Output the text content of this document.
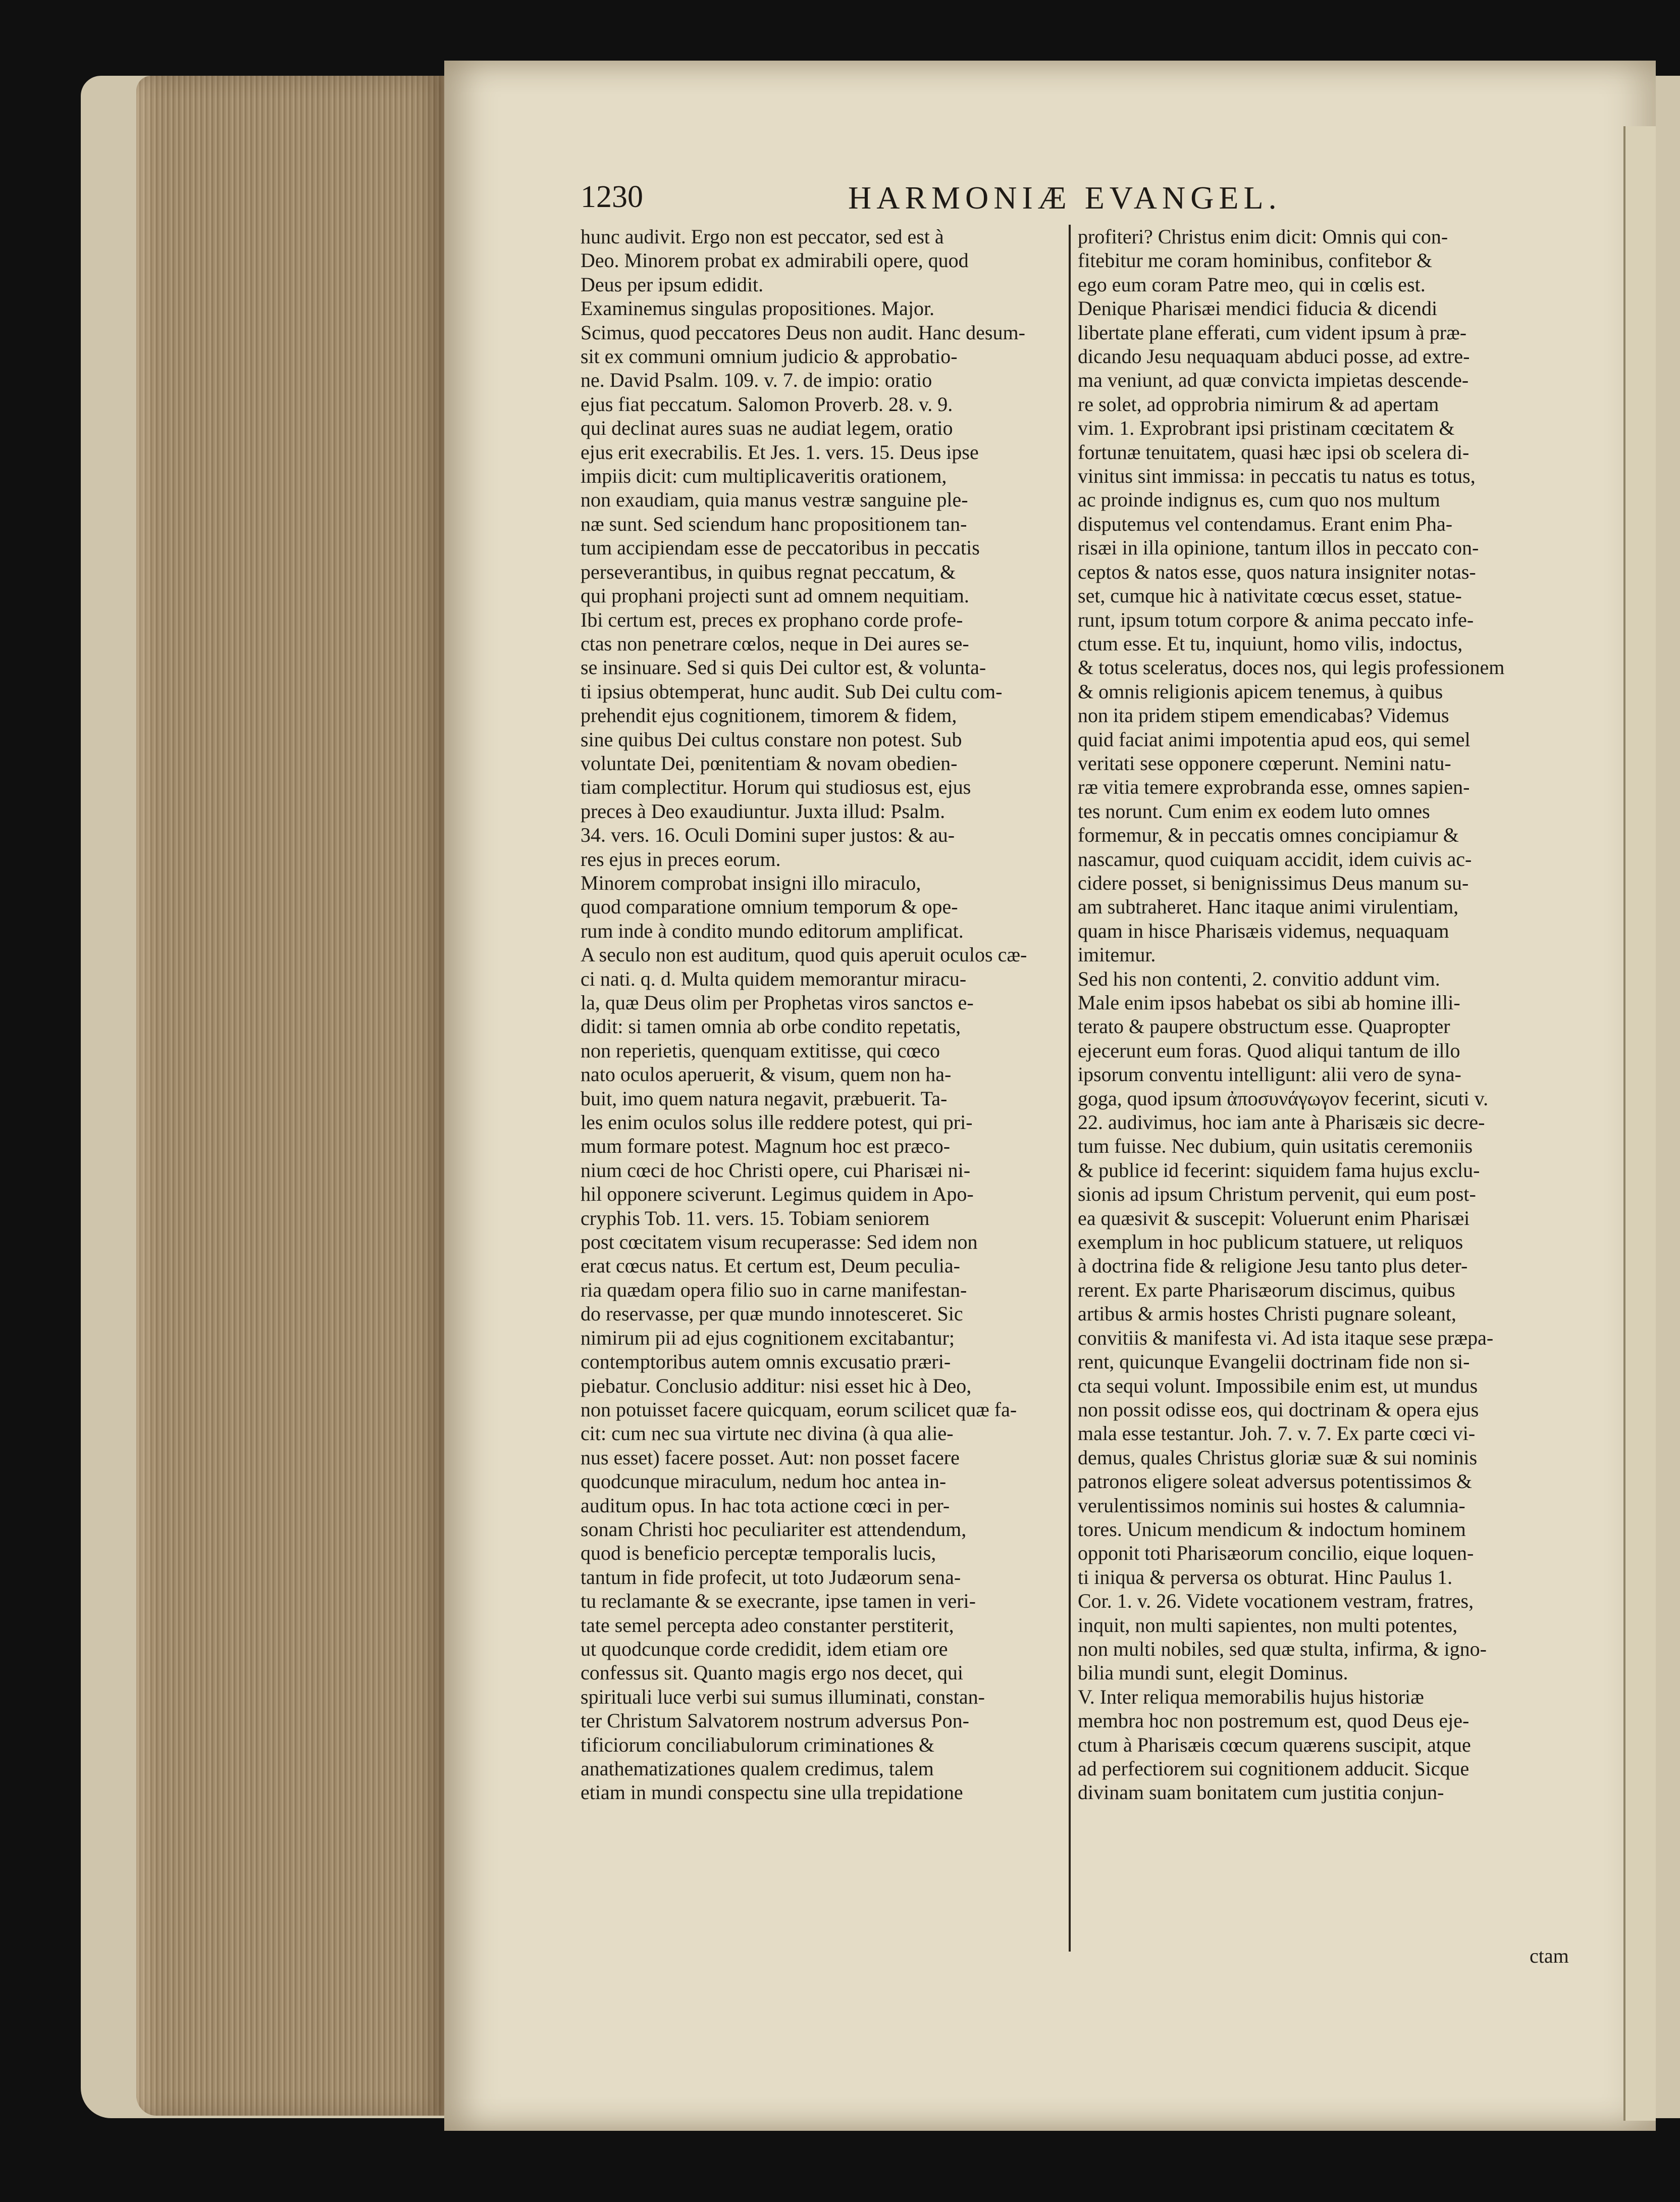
1230	HARMONIÆ EVANGEL.
hunc audivit. Ergo non est peccator, sed est à
Deo. Minorem probat ex admirabili opere, quod
Deus per ipsum edidit.
Examinemus singulas propositiones. Major.
Scimus, quod peccatores Deus non audit. Hanc desum-
sit ex communi omnium judicio & approbatio-
ne. David Psalm. 109. v. 7. de impio: oratio
ejus fiat peccatum. Salomon Proverb. 28. v. 9.
qui declinat aures suas ne audiat legem, oratio
ejus erit execrabilis. Et Jes. 1. vers. 15. Deus ipse
impiis dicit: cum multiplicaveritis orationem,
non exaudiam, quia manus vestræ sanguine ple-
næ sunt. Sed sciendum hanc propositionem tan-
tum accipiendam esse de peccatoribus in peccatis
perseverantibus, in quibus regnat peccatum, &
qui prophani projecti sunt ad omnem nequitiam.
Ibi certum est, preces ex prophano corde profe-
ctas non penetrare cœlos, neque in Dei aures se-
se insinuare. Sed si quis Dei cultor est, & volunta-
ti ipsius obtemperat, hunc audit. Sub Dei cultu com-
prehendit ejus cognitionem, timorem & fidem,
sine quibus Dei cultus constare non potest. Sub
voluntate Dei, pœnitentiam & novam obedien-
tiam complectitur. Horum qui studiosus est, ejus
preces à Deo exaudiuntur. Juxta illud: Psalm.
34. vers. 16. Oculi Domini super justos: & au-
res ejus in preces eorum.
Minorem comprobat insigni illo miraculo,
quod comparatione omnium temporum & ope-
rum inde à condito mundo editorum amplificat.
A seculo non est auditum, quod quis aperuit oculos cæ-
ci nati. q. d. Multa quidem memorantur miracu-
la, quæ Deus olim per Prophetas viros sanctos e-
didit: si tamen omnia ab orbe condito repetatis,
non reperietis, quenquam extitisse, qui cœco
nato oculos aperuerit, & visum, quem non ha-
buit, imo quem natura negavit, præbuerit. Ta-
les enim oculos solus ille reddere potest, qui pri-
mum formare potest. Magnum hoc est præco-
nium cœci de hoc Christi opere, cui Pharisæi ni-
hil opponere sciverunt. Legimus quidem in Apo-
cryphis Tob. 11. vers. 15. Tobiam seniorem
post cœcitatem visum recuperasse: Sed idem non
erat cœcus natus. Et certum est, Deum peculia-
ria quædam opera filio suo in carne manifestan-
do reservasse, per quæ mundo innotesceret. Sic
nimirum pii ad ejus cognitionem excitabantur;
contemptoribus autem omnis excusatio præri-
piebatur. Conclusio additur: nisi esset hic à Deo,
non potuisset facere quicquam, eorum scilicet quæ fa-
cit: cum nec sua virtute nec divina (à qua alie-
nus esset) facere posset. Aut: non posset facere
quodcunque miraculum, nedum hoc antea in-
auditum opus. In hac tota actione cœci in per-
sonam Christi hoc peculiariter est attendendum,
quod is beneficio perceptæ temporalis lucis,
tantum in fide profecit, ut toto Judæorum sena-
tu reclamante & se execrante, ipse tamen in veri-
tate semel percepta adeo constanter perstiterit,
ut quodcunque corde credidit, idem etiam ore
confessus sit. Quanto magis ergo nos decet, qui
spirituali luce verbi sui sumus illuminati, constan-
ter Christum Salvatorem nostrum adversus Pon-
tificiorum conciliabulorum criminationes &
anathematizationes qualem credimus, talem
etiam in mundi conspectu sine ulla trepidatione
profiteri? Christus enim dicit: Omnis qui con-
fitebitur me coram hominibus, confitebor &
ego eum coram Patre meo, qui in cœlis est.
Denique Pharisæi mendici fiducia & dicendi
libertate plane efferati, cum vident ipsum à præ-
dicando Jesu nequaquam abduci posse, ad extre-
ma veniunt, ad quæ convicta impietas descende-
re solet, ad opprobria nimirum & ad apertam
vim. 1. Exprobrant ipsi pristinam cœcitatem &
fortunæ tenuitatem, quasi hæc ipsi ob scelera di-
vinitus sint immissa: in peccatis tu natus es totus,
ac proinde indignus es, cum quo nos multum
disputemus vel contendamus. Erant enim Pha-
risæi in illa opinione, tantum illos in peccato con-
ceptos & natos esse, quos natura insigniter notas-
set, cumque hic à nativitate cœcus esset, statue-
runt, ipsum totum corpore & anima peccato infe-
ctum esse. Et tu, inquiunt, homo vilis, indoctus,
& totus sceleratus, doces nos, qui legis professionem
& omnis religionis apicem tenemus, à quibus
non ita pridem stipem emendicabas? Videmus
quid faciat animi impotentia apud eos, qui semel
veritati sese opponere cœperunt. Nemini natu-
ræ vitia temere exprobranda esse, omnes sapien-
tes norunt. Cum enim ex eodem luto omnes
formemur, & in peccatis omnes concipiamur &
nascamur, quod cuiquam accidit, idem cuivis ac-
cidere posset, si benignissimus Deus manum su-
am subtraheret. Hanc itaque animi virulentiam,
quam in hisce Pharisæis videmus, nequaquam
imitemur.
Sed his non contenti, 2. convitio addunt vim.
Male enim ipsos habebat os sibi ab homine illi-
terato & paupere obstructum esse. Quapropter
ejecerunt eum foras. Quod aliqui tantum de illo
ipsorum conventu intelligunt: alii vero de syna-
goga, quod ipsum ἀποσυνάγωγον fecerint, sicuti v.
22. audivimus, hoc iam ante à Pharisæis sic decre-
tum fuisse. Nec dubium, quin usitatis ceremoniis
& publice id fecerint: siquidem fama hujus exclu-
sionis ad ipsum Christum pervenit, qui eum post-
ea quæsivit & suscepit: Voluerunt enim Pharisæi
exemplum in hoc publicum statuere, ut reliquos
à doctrina fide & religione Jesu tanto plus deter-
rerent. Ex parte Pharisæorum discimus, quibus
artibus & armis hostes Christi pugnare soleant,
convitiis & manifesta vi. Ad ista itaque sese præpa-
rent, quicunque Evangelii doctrinam fide non si-
cta sequi volunt. Impossibile enim est, ut mundus
non possit odisse eos, qui doctrinam & opera ejus
mala esse testantur. Joh. 7. v. 7. Ex parte cœci vi-
demus, quales Christus gloriæ suæ & sui nominis
patronos eligere soleat adversus potentissimos &
verulentissimos nominis sui hostes & calumnia-
tores. Unicum mendicum & indoctum hominem
opponit toti Pharisæorum concilio, eique loquen-
ti iniqua & perversa os obturat. Hinc Paulus 1.
Cor. 1. v. 26. Videte vocationem vestram, fratres,
inquit, non multi sapientes, non multi potentes,
non multi nobiles, sed quæ stulta, infirma, & igno-
bilia mundi sunt, elegit Dominus.
V. Inter reliqua memorabilis hujus historiæ
membra hoc non postremum est, quod Deus eje-
ctum à Pharisæis cœcum quærens suscipit, atque
ad perfectiorem sui cognitionem adducit. Sicque
divinam suam bonitatem cum justitia conjun-
ctam
